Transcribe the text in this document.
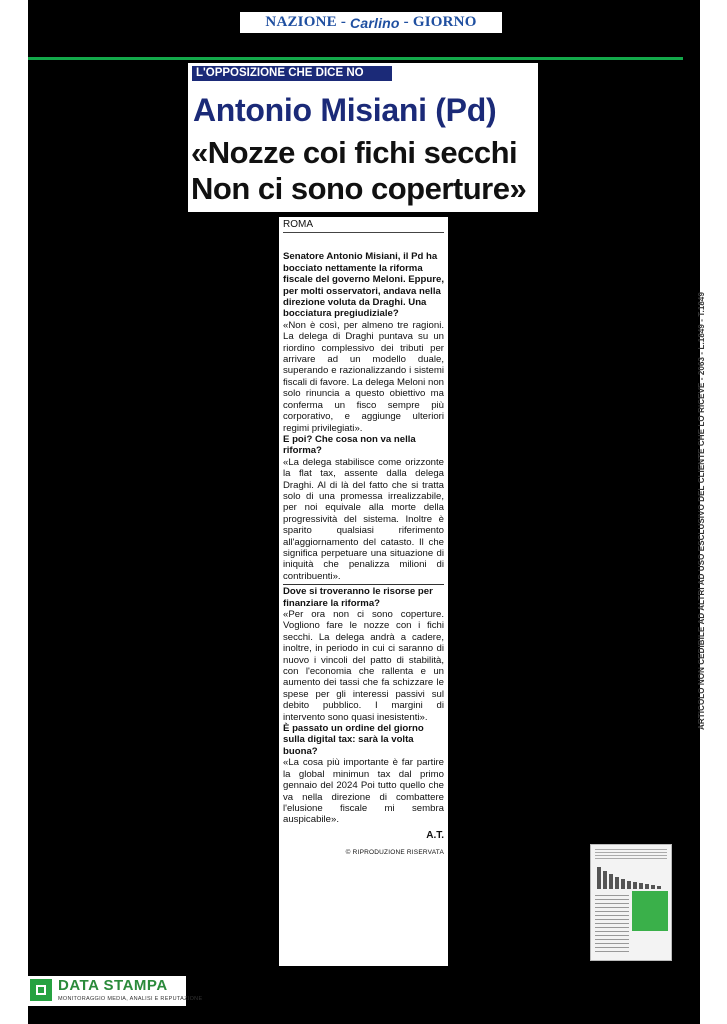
NAZIONE - Carlino - GIORNO
L'OPPOSIZIONE CHE DICE NO
Antonio Misiani (Pd)
«Nozze coi fichi secchi
Non ci sono coperture»
ROMA

Senatore Antonio Misiani, il Pd ha bocciato nettamente la riforma fiscale del governo Meloni. Eppure, per molti osservatori, andava nella direzione voluta da Draghi. Una bocciatura pregiudiziale?

«Non è così, per almeno tre ragioni. La delega di Draghi puntava su un riordino complessivo dei tributi per arrivare ad un modello duale, superando e razionalizzando i sistemi fiscali di favore. La delega Meloni non solo rinuncia a questo obiettivo ma conferma un fisco sempre più corporativo, e aggiunge ulteriori regimi privilegiati».

E poi? Che cosa non va nella riforma?

«La delega stabilisce come orizzonte la flat tax, assente dalla delega Draghi. Al di là del fatto che si tratta solo di una promessa irrealizzabile, per noi equivale alla morte della progressività del sistema. Inoltre è sparito qualsiasi riferimento all'aggiornamento del catasto. Il che significa perpetuare una situazione di iniquità che penalizza milioni di contribuenti».

Dove si troveranno le risorse per finanziare la riforma?

«Per ora non ci sono coperture. Vogliono fare le nozze con i fichi secchi. La delega andrà a cadere, inoltre, in periodo in cui ci saranno di nuovo i vincoli del patto di stabilità, con l'economia che rallenta e un aumento dei tassi che fa schizzare le spese per gli interessi passivi sul debito pubblico. I margini di intervento sono quasi inesistenti».

È passato un ordine del giorno sulla digital tax: sarà la volta buona?

«La cosa più importante è far partire la global minimun tax dal primo gennaio del 2024 Poi tutto quello che va nella direzione di combattere l'elusione fiscale mi sembra auspicabile».

A.T.
© RIPRODUZIONE RISERVATA
ARTICOLO NON CEDIBILE AD ALTRI AD USO ESCLUSIVO DEL CLIENTE CHE LO RICEVE - 2063 - L.1849 - T.1849
DATA STAMPA
MONITORAGGIO MEDIA, ANALISI E REPUTAZIONE
